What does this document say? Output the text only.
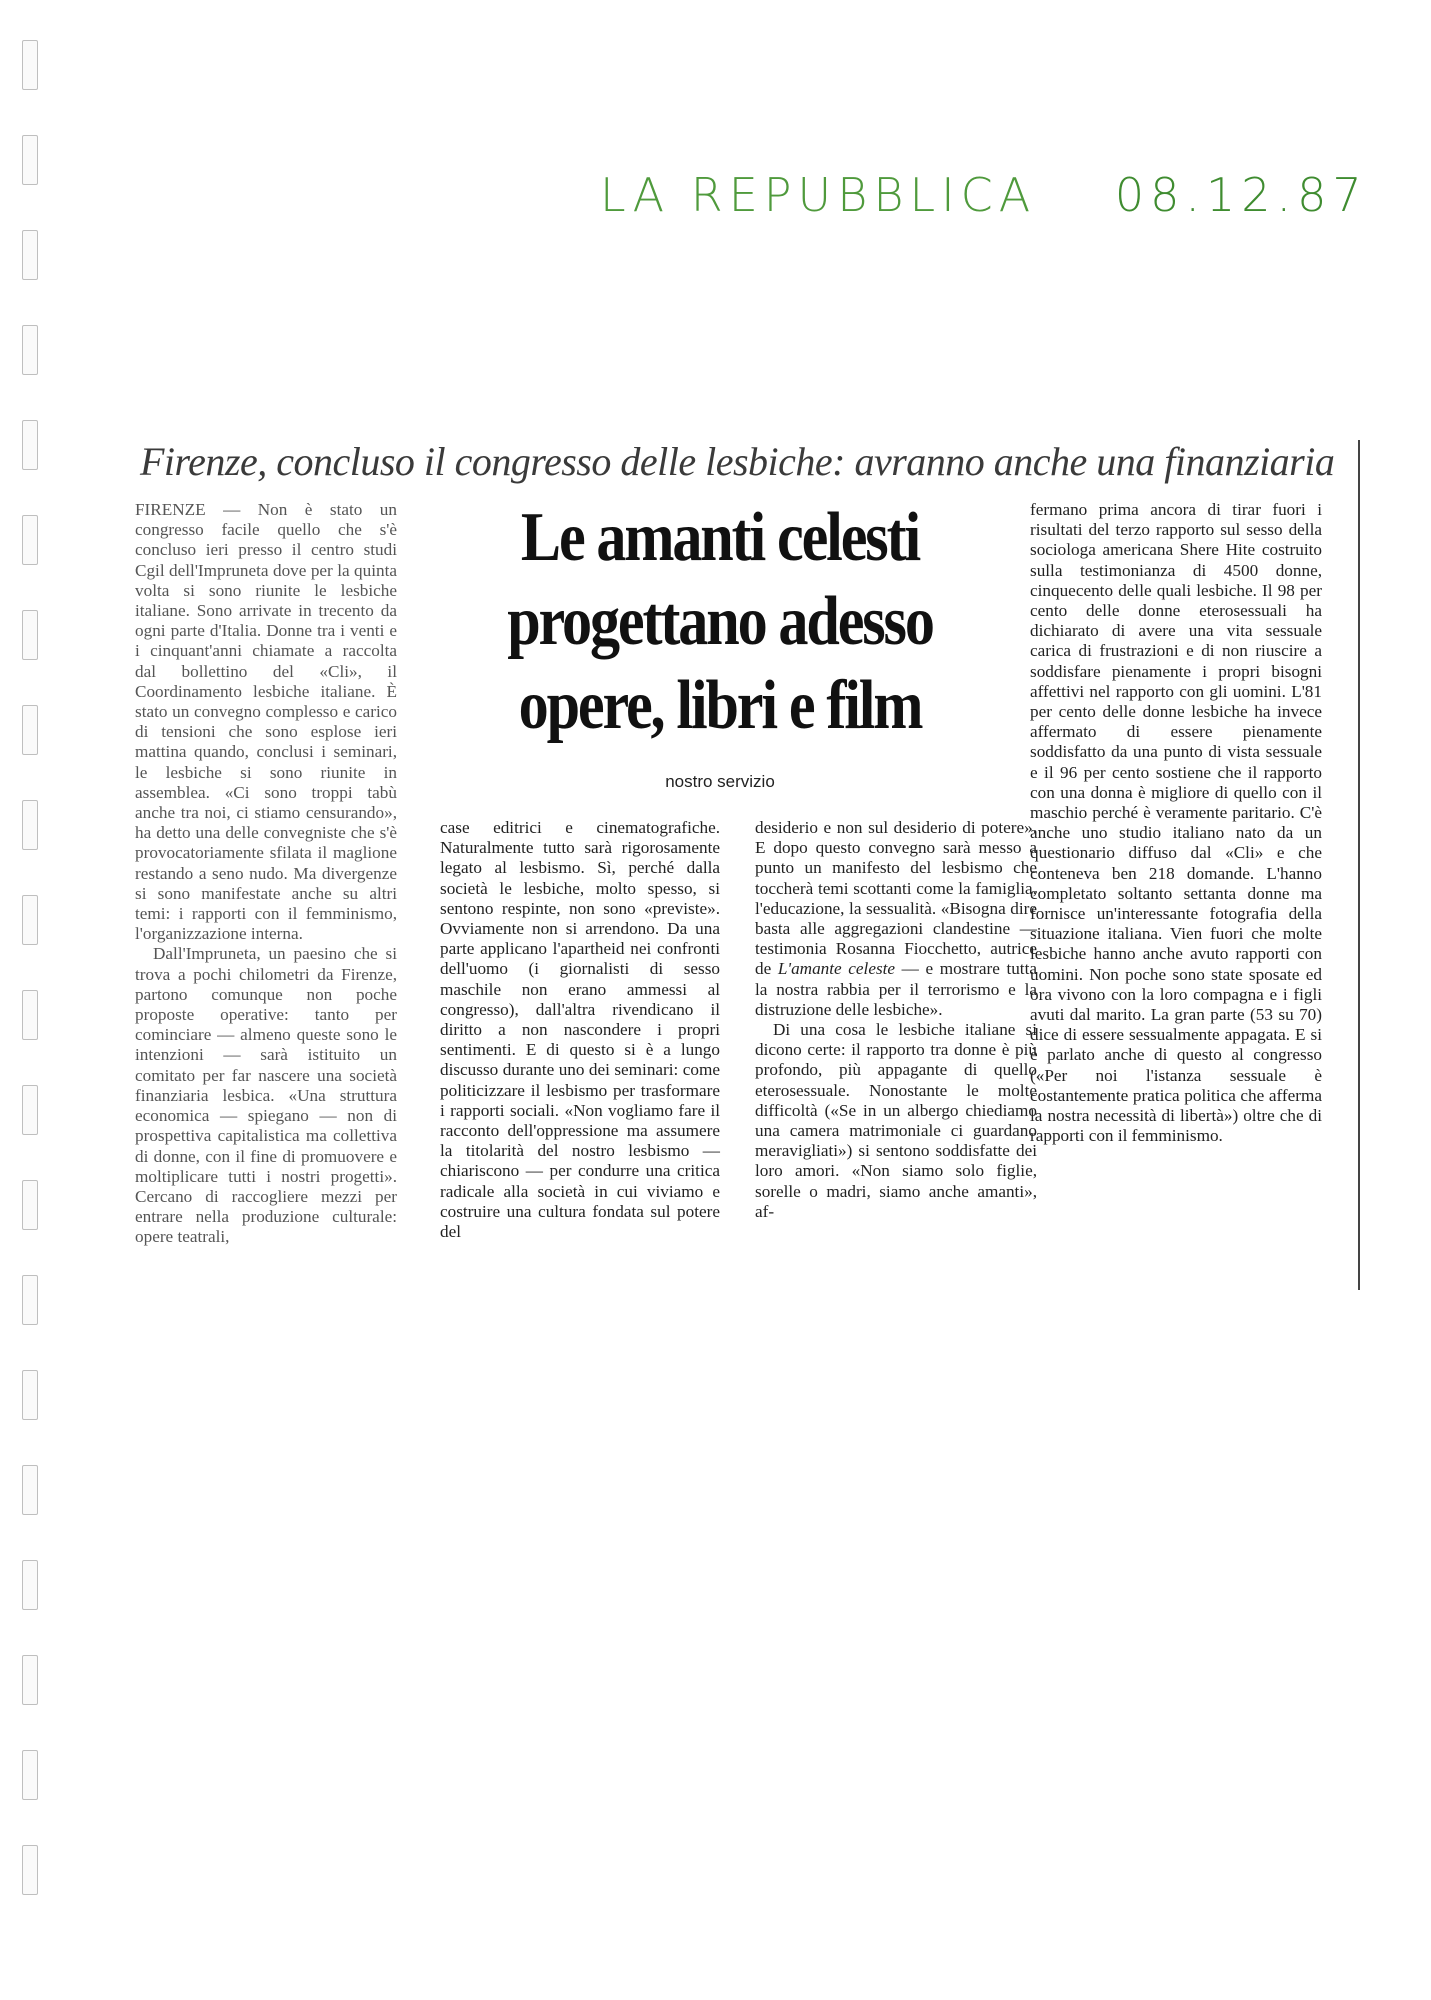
LA REPUBBLICA 08.12.87
Firenze, concluso il congresso delle lesbiche: avranno anche una finanziaria

FIRENZE — Non è stato un congresso facile quello che s'è concluso ieri presso il centro studi Cgil dell'Impruneta dove per la quinta volta si sono riunite le lesbiche italiane. Sono arrivate in trecento da ogni parte d'Italia. Donne tra i venti e i cinquant'anni chiamate a raccolta dal bollettino del «Cli», il Coordinamento lesbiche italiane. È stato un convegno complesso e carico di tensioni che sono esplose ieri mattina quando, conclusi i seminari, le lesbiche si sono riunite in assemblea. «Ci sono troppi tabù anche tra noi, ci stiamo censurando», ha detto una delle convegniste che s'è provocatoriamente sfilata il maglione restando a seno nudo. Ma divergenze si sono manifestate anche su altri temi: i rapporti con il femminismo, l'organizzazione interna.

Dall'Impruneta, un paesino che si trova a pochi chilometri da Firenze, partono comunque non poche proposte operative: tanto per cominciare — almeno queste sono le intenzioni — sarà istituito un comitato per far nascere una società finanziaria lesbica. «Una struttura economica — spiegano — non di prospettiva capitalistica ma collettiva di donne, con il fine di promuovere e moltiplicare tutti i nostri progetti». Cercano di raccogliere mezzi per entrare nella produzione culturale: opere teatrali,

Le amanti celesti
progettano adesso
opere, libri e film
nostro servizio

case editrici e cinematografiche. Naturalmente tutto sarà rigorosamente legato al lesbismo. Sì, perché dalla società le lesbiche, molto spesso, si sentono respinte, non sono «previste». Ovviamente non si arrendono. Da una parte applicano l'apartheid nei confronti dell'uomo (i giornalisti di sesso maschile non erano ammessi al congresso), dall'altra rivendicano il diritto a non nascondere i propri sentimenti. E di questo si è a lungo discusso durante uno dei seminari: come politicizzare il lesbismo per trasformare i rapporti sociali. «Non vogliamo fare il racconto dell'oppressione ma assumere la titolarità del nostro lesbismo — chiariscono — per condurre una critica radicale alla società in cui viviamo e costruire una cultura fondata sul potere del

desiderio e non sul desiderio di potere». E dopo questo convegno sarà messo a punto un manifesto del lesbismo che toccherà temi scottanti come la famiglia, l'educazione, la sessualità. «Bisogna dire basta alle aggregazioni clandestine — testimonia Rosanna Fiocchetto, autrice de L'amante celeste — e mostrare tutta la nostra rabbia per il terrorismo e la distruzione delle lesbiche».

Di una cosa le lesbiche italiane si dicono certe: il rapporto tra donne è più profondo, più appagante di quello eterosessuale. Nonostante le molte difficoltà («Se in un albergo chiediamo una camera matrimoniale ci guardano meravigliati») si sentono soddisfatte dei loro amori. «Non siamo solo figlie, sorelle o madri, siamo anche amanti», af-

fermano prima ancora di tirar fuori i risultati del terzo rapporto sul sesso della sociologa americana Shere Hite costruito sulla testimonianza di 4500 donne, cinquecento delle quali lesbiche. Il 98 per cento delle donne eterosessuali ha dichiarato di avere una vita sessuale carica di frustrazioni e di non riuscire a soddisfare pienamente i propri bisogni affettivi nel rapporto con gli uomini. L'81 per cento delle donne lesbiche ha invece affermato di essere pienamente soddisfatto da una punto di vista sessuale e il 96 per cento sostiene che il rapporto con una donna è migliore di quello con il maschio perché è veramente paritario. C'è anche uno studio italiano nato da un questionario diffuso dal «Cli» e che conteneva ben 218 domande. L'hanno completato soltanto settanta donne ma fornisce un'interessante fotografia della situazione italiana. Vien fuori che molte lesbiche hanno anche avuto rapporti con uomini. Non poche sono state sposate ed ora vivono con la loro compagna e i figli avuti dal marito. La gran parte (53 su 70) dice di essere sessualmente appagata. E si è parlato anche di questo al congresso («Per noi l'istanza sessuale è costantemente pratica politica che afferma la nostra necessità di libertà») oltre che di rapporti con il femminismo.
